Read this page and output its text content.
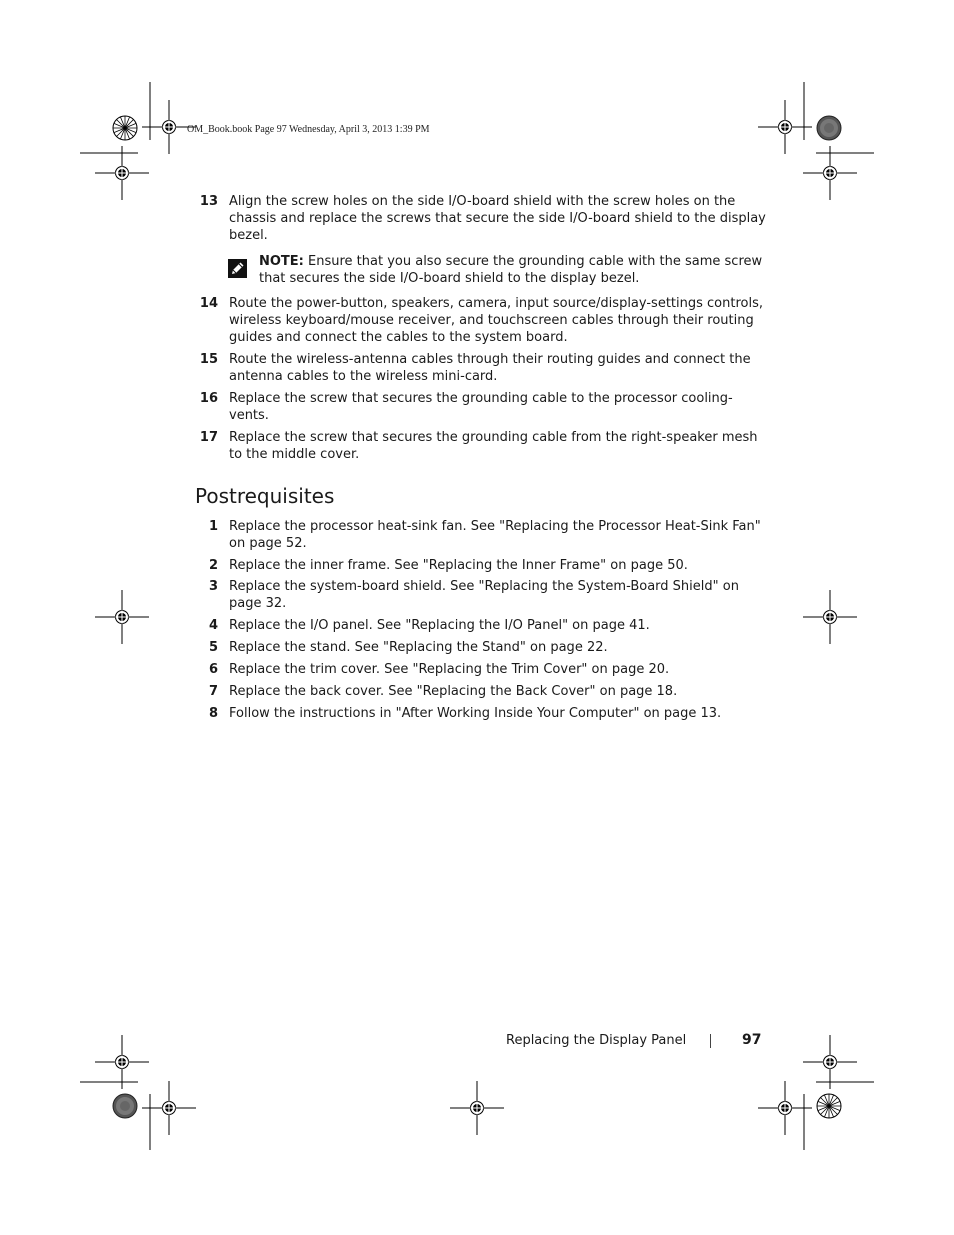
OM_Book.book Page 97 Wednesday, April 3, 2013 1:39 PM
13 Align the screw holes on the side I/O-board shield with the screw holes on the chassis and replace the screws that secure the side I/O-board shield to the display bezel.
NOTE: Ensure that you also secure the grounding cable with the same screw that secures the side I/O-board shield to the display bezel.
14 Route the power-button, speakers, camera, input source/display-settings controls, wireless keyboard/mouse receiver, and touchscreen cables through their routing guides and connect the cables to the system board.
15 Route the wireless-antenna cables through their routing guides and connect the antenna cables to the wireless mini-card.
16 Replace the screw that secures the grounding cable to the processor cooling-vents.
17 Replace the screw that secures the grounding cable from the right-speaker mesh to the middle cover.
Postrequisites
1 Replace the processor heat-sink fan. See "Replacing the Processor Heat-Sink Fan" on page 52.
2 Replace the inner frame. See "Replacing the Inner Frame" on page 50.
3 Replace the system-board shield. See "Replacing the System-Board Shield" on page 32.
4 Replace the I/O panel. See "Replacing the I/O Panel" on page 41.
5 Replace the stand. See "Replacing the Stand" on page 22.
6 Replace the trim cover. See "Replacing the Trim Cover" on page 20.
7 Replace the back cover. See "Replacing the Back Cover" on page 18.
8 Follow the instructions in "After Working Inside Your Computer" on page 13.
Replacing the Display Panel	97
